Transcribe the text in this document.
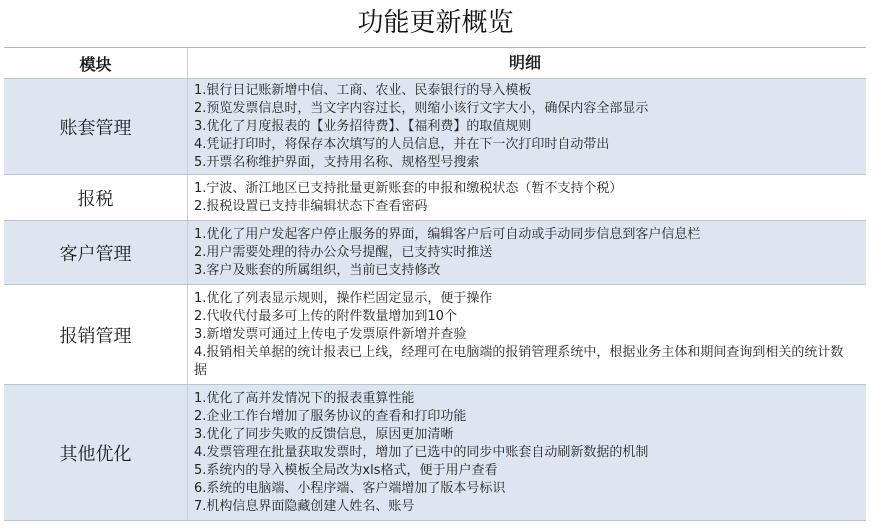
功能更新概览
模块	明细
账套管理
1.银行日记账新增中信、工商、农业、民泰银行的导入模板
2.预览发票信息时，当文字内容过长，则缩小该行文字大小，确保内容全部显示
3.优化了月度报表的【业务招待费】、【福利费】的取值规则
4.凭证打印时，将保存本次填写的人员信息，并在下一次打印时自动带出
5.开票名称维护界面，支持用名称、规格型号搜索
报税
1.宁波、浙江地区已支持批量更新账套的申报和缴税状态（暂不支持个税）
2.报税设置已支持非编辑状态下查看密码
客户管理
1.优化了用户发起客户停止服务的界面，编辑客户后可自动或手动同步信息到客户信息栏
2.用户需要处理的待办公众号提醒，已支持实时推送
3.客户及账套的所属组织，当前已支持修改
报销管理
1.优化了列表显示规则，操作栏固定显示，便于操作
2.代收代付最多可上传的附件数量增加到10个
3.新增发票可通过上传电子发票原件新增并查验
4.报销相关单据的统计报表已上线，经理可在电脑端的报销管理系统中，根据业务主体和期间查询到相关的统计数据
其他优化
1.优化了高并发情况下的报表重算性能
2.企业工作台增加了服务协议的查看和打印功能
3.优化了同步失败的反馈信息，原因更加清晰
4.发票管理在批量获取发票时，增加了已选中的同步中账套自动刷新数据的机制
5.系统内的导入模板全局改为xls格式，便于用户查看
6.系统的电脑端、小程序端、客户端增加了版本号标识
7.机构信息界面隐藏创建人姓名、账号
